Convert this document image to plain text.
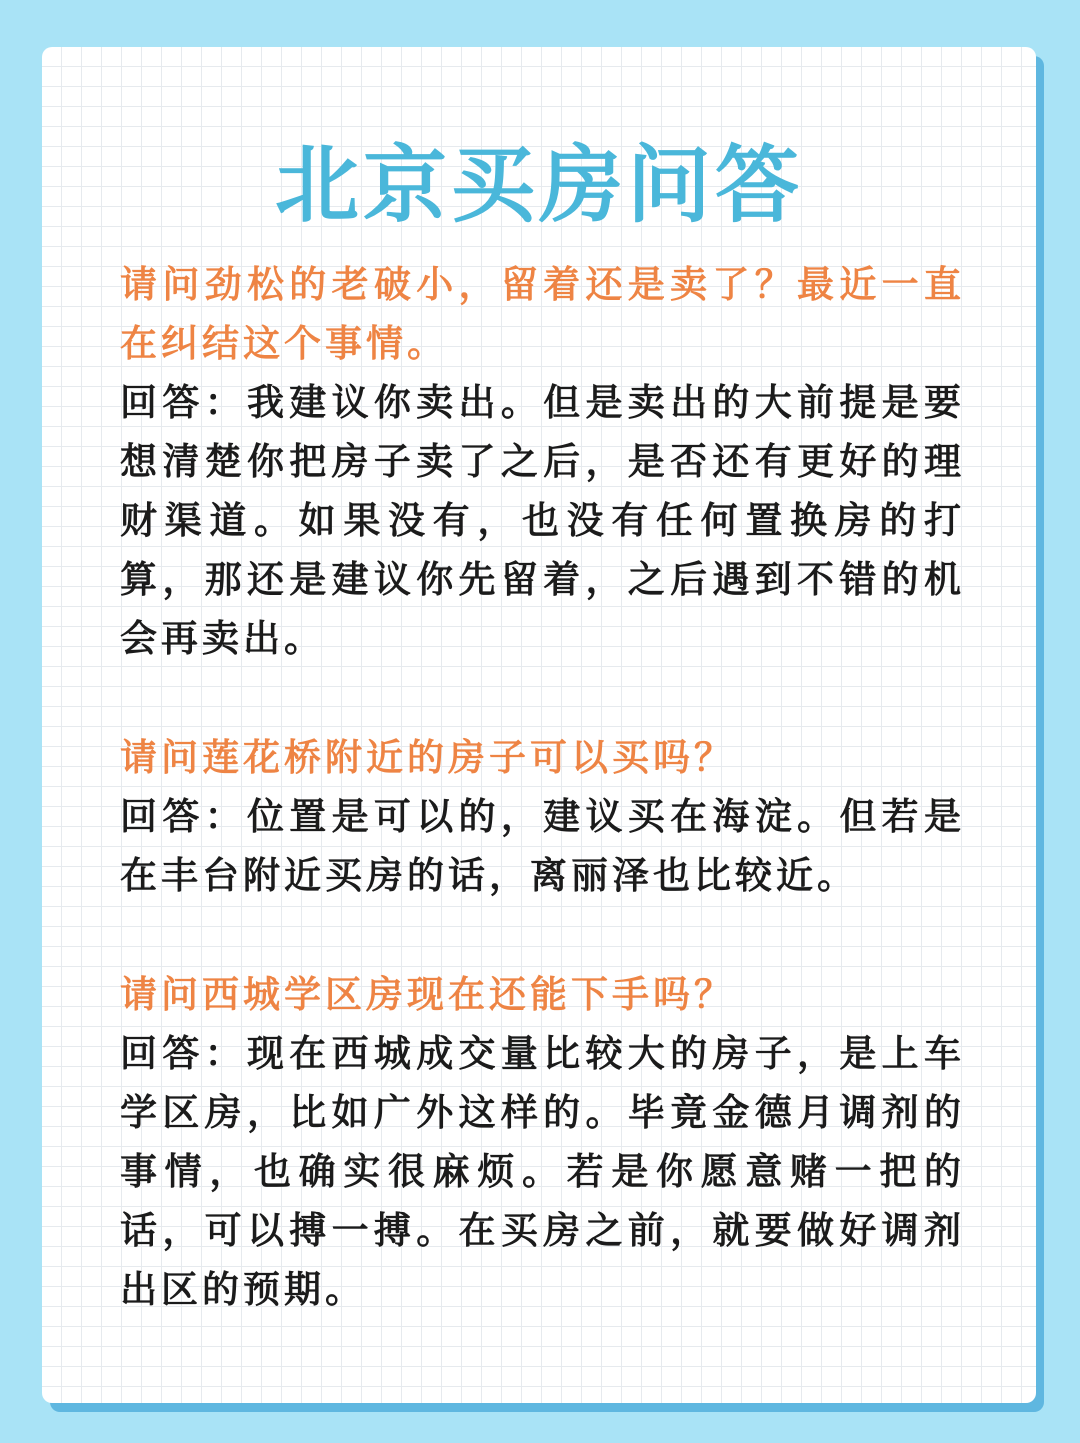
北京买房问答

请问劲松的老破小，留着还是卖了？最近一直在纠结这个事情。

回答：我建议你卖出。但是卖出的大前提是要想清楚你把房子卖了之后，是否还有更好的理财渠道。如果没有，也没有任何置换房的打算，那还是建议你先留着，之后遇到不错的机会再卖出。

请问莲花桥附近的房子可以买吗？

回答：位置是可以的，建议买在海淀。但若是在丰台附近买房的话，离丽泽也比较近。

请问西城学区房现在还能下手吗？

回答：现在西城成交量比较大的房子，是上车学区房，比如广外这样的。毕竟金德月调剂的事情，也确实很麻烦。若是你愿意赌一把的话，可以搏一搏。在买房之前，就要做好调剂出区的预期。
